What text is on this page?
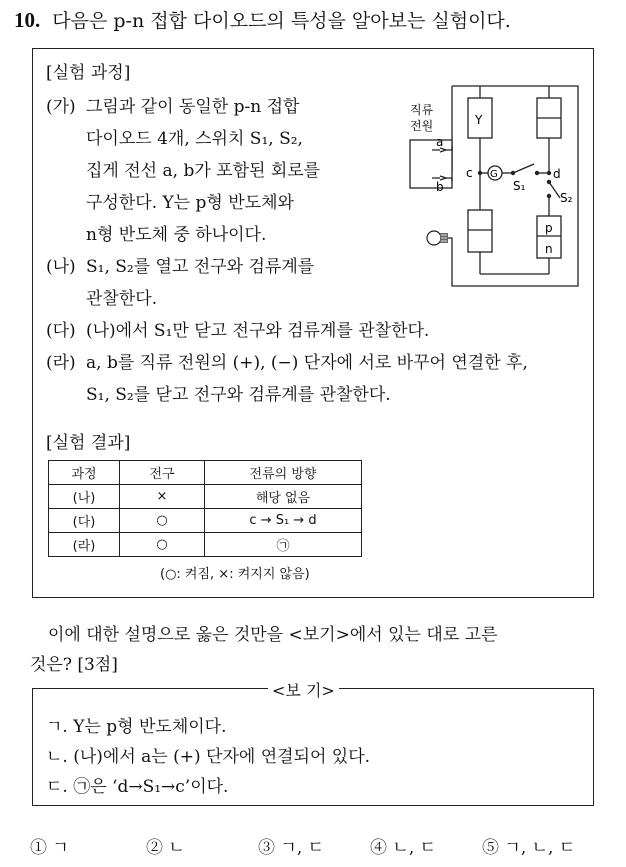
10. 다음은 p-n 접합 다이오드의 특성을 알아보는 실험이다.
[실험 과정]
(가) 그림과 같이 동일한 p-n 접합
다이오드 4개, 스위치 S₁, S₂,
집게 전선 a, b가 포함된 회로를
구성한다. Y는 p형 반도체와
n형 반도체 중 하나이다.
(나) S₁, S₂를 열고 전구와 검류계를
관찰한다.
(다) (나)에서 S₁만 닫고 전구와 검류계를 관찰한다.
(라) a, b를 직류 전원의 (+), (−) 단자에 서로 바꾸어 연결한 후,
S₁, S₂를 닫고 전구와 검류계를 관찰한다.
직류
전원
a
b
c G	d
S₁
S₂
Y
p
n
[실험 결과]
과정	전구	전류의 방향
(나)	×	해당 없음
(다)	○	c → S₁ → d
(라)	○	㉠
(○: 켜짐, ×: 켜지지 않음)
이에 대한 설명으로 옳은 것만을 <보기>에서 있는 대로 고른
것은? [3점]
<보 기>
ㄱ. Y는 p형 반도체이다.
ㄴ. (나)에서 a는 (+) 단자에 연결되어 있다.
ㄷ. ㉠은 ‘d→S₁→c’이다.
① ㄱ	② ㄴ	③ ㄱ, ㄷ	④ ㄴ, ㄷ	⑤ ㄱ, ㄴ, ㄷ
